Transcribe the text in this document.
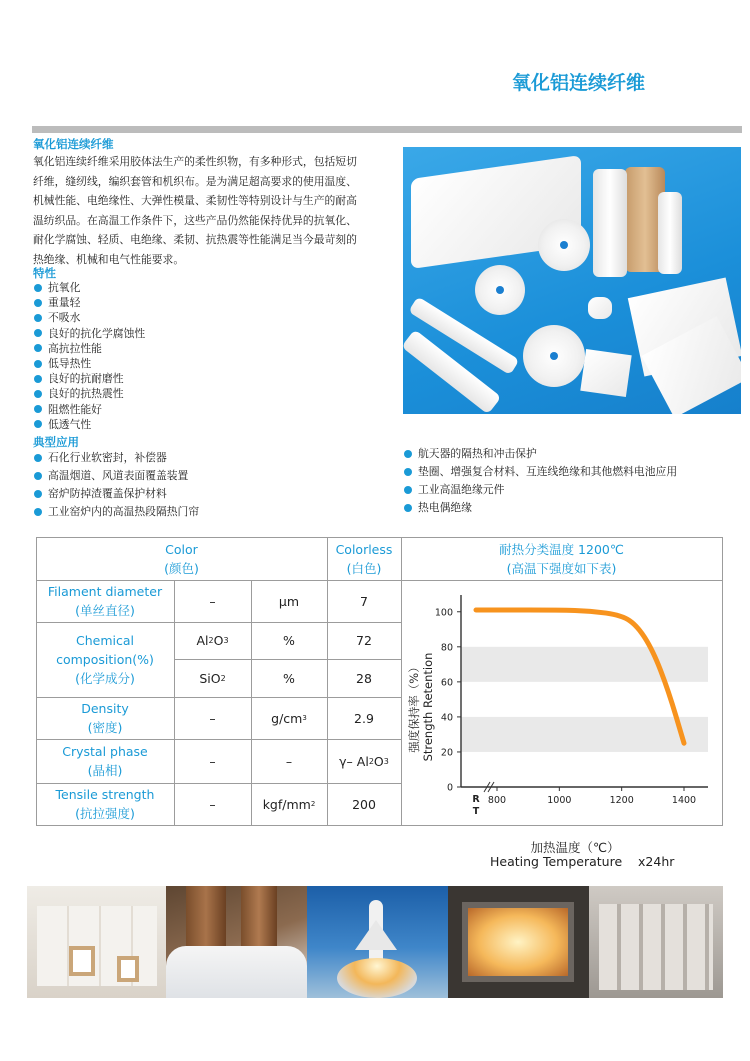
氧化铝连续纤维
氧化铝连续纤维
氧化铝连续纤维采用胶体法生产的柔性织物，有多种形式，包括短切
纤维，缝纫线，编织套管和机织布。是为满足超高要求的使用温度、
机械性能、电绝缘性、大弹性模量、柔韧性等特别设计与生产的耐高
温纺织品。在高温工作条件下，这些产品仍然能保持优异的抗氧化、
耐化学腐蚀、轻质、电绝缘、柔韧、抗热震等性能满足当今最苛刻的
热绝缘、机械和电气性能要求。
特性
抗氧化
重量轻
不吸水
良好的抗化学腐蚀性
高抗拉性能
低导热性
良好的抗耐磨性
良好的抗热震性
阻燃性能好
低透气性
典型应用
石化行业软密封，补偿器
高温烟道、风道表面覆盖装置
窑炉防掉渣覆盖保护材料
工业窑炉内的高温热段隔热门帘
航天器的隔热和冲击保护
垫圈、增强复合材料、互连线绝缘和其他燃料电池应用
工业高温绝缘元件
热电偶绝缘
Color
(颜色)
Colorless
(白色)
耐热分类温度 1200℃
(高温下强度如下表)
Filament diameter
(单丝直径)
–	µm	7
Chemical
composition(%)
(化学成分)
Al 2 O 3	%	72
SiO 2	%	28
Density
(密度)
–	g/cm 3	2.9
Crystal phase
(晶相)
–	–	γ– Al 2 O 3
Tensile strength
(抗拉强度)
–	kgf/mm 2	200
0
20
40
60
80
100
800	1000	1200	1400
R
T
强度保持率（%） Strength Retention
加热温度（℃）
Heating Temperature    x24hr
